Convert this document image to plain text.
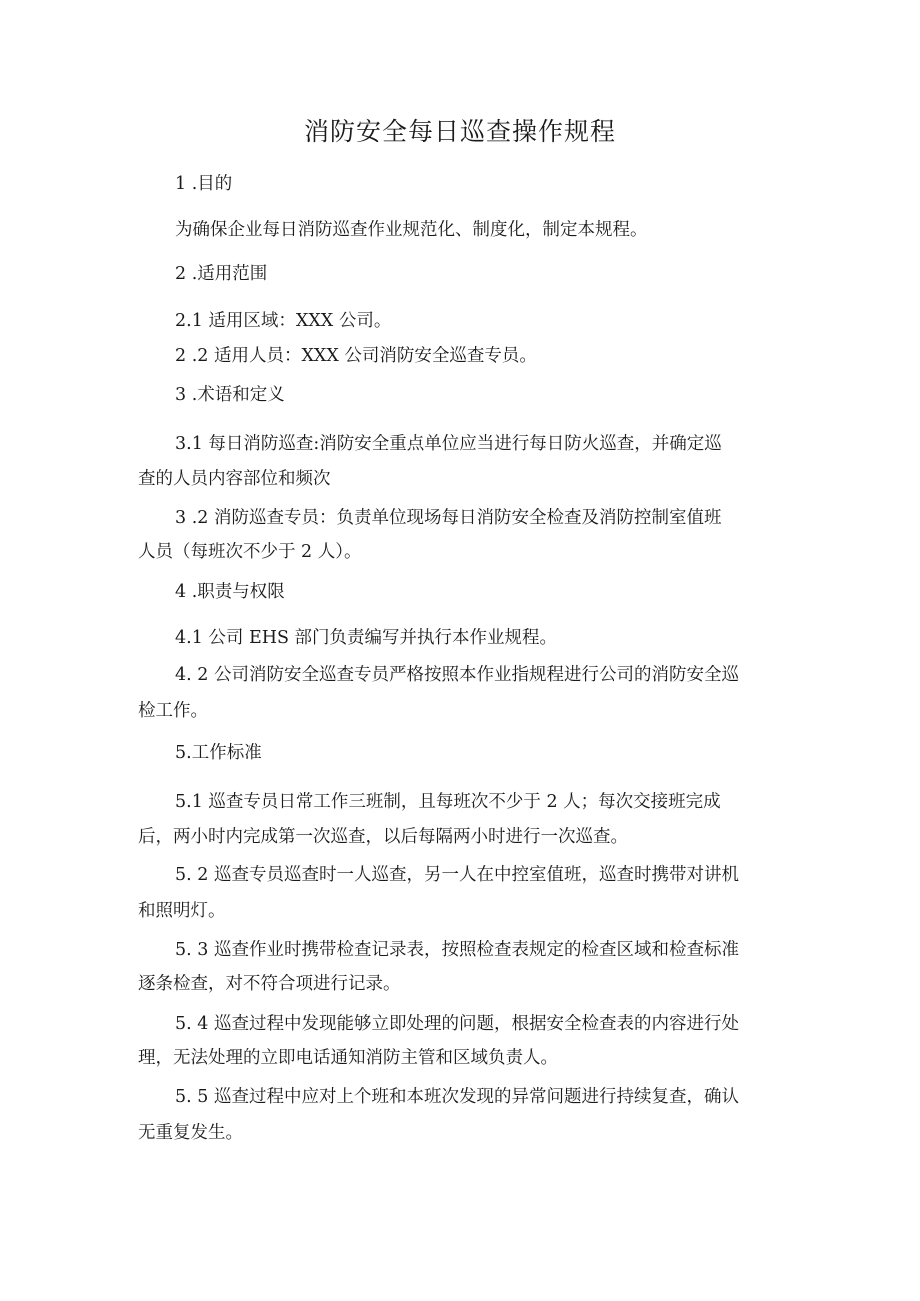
消防安全每日巡查操作规程
1 .目的
为确保企业每日消防巡查作业规范化、制度化，制定本规程。
2 .适用范围
2.1 适用区域：XXX 公司。
2 .2 适用人员：XXX 公司消防安全巡查专员。
3 .术语和定义
3.1 每日消防巡查:消防安全重点单位应当进行每日防火巡查，并确定巡
查的人员内容部位和频次
3 .2 消防巡查专员：负责单位现场每日消防安全检查及消防控制室值班
人员（每班次不少于 2 人）。
4 .职责与权限
4.1 公司 EHS 部门负责编写并执行本作业规程。
4. 2 公司消防安全巡查专员严格按照本作业指规程进行公司的消防安全巡
检工作。
5.工作标准
5.1 巡查专员日常工作三班制，且每班次不少于 2 人；每次交接班完成
后，两小时内完成第一次巡查，以后每隔两小时进行一次巡查。
5. 2 巡查专员巡查时一人巡查，另一人在中控室值班，巡查时携带对讲机
和照明灯。
5. 3 巡查作业时携带检查记录表，按照检查表规定的检查区域和检查标准
逐条检查，对不符合项进行记录。
5. 4 巡查过程中发现能够立即处理的问题，根据安全检查表的内容进行处
理，无法处理的立即电话通知消防主管和区域负责人。
5. 5 巡查过程中应对上个班和本班次发现的异常问题进行持续复查，确认
无重复发生。
